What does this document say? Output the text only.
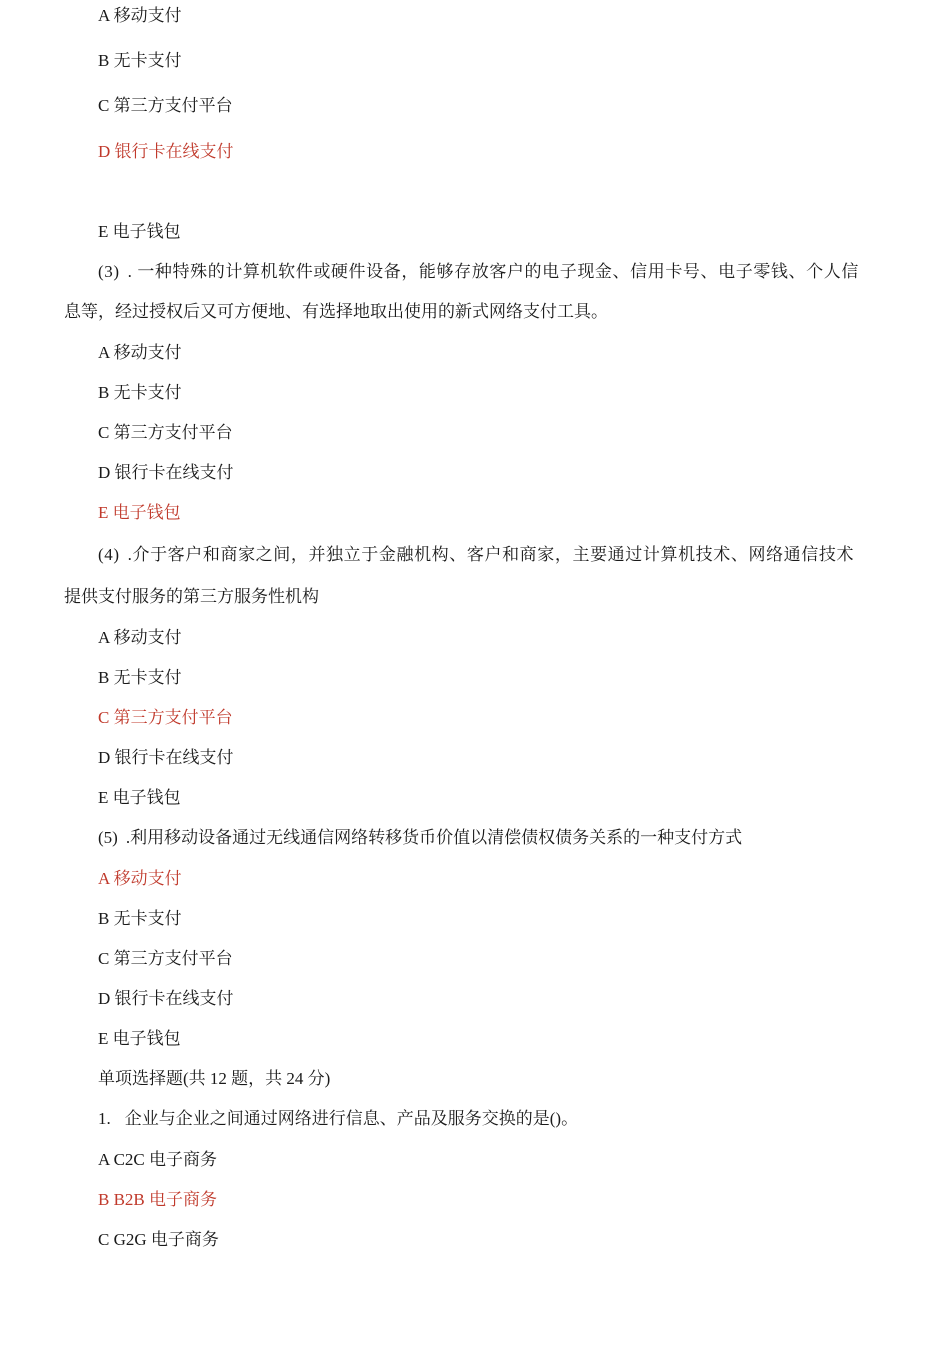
A 移动支付
B 无卡支付
C 第三方支付平台
D 银行卡在线支付
E 电子钱包
(3) . 一种特殊的计算机软件或硬件设备，能够存放客户的电子现金、信用卡号、电子零钱、个人信
息等，经过授权后又可方便地、有选择地取出使用的新式网络支付工具。
A 移动支付
B 无卡支付
C 第三方支付平台
D 银行卡在线支付
E 电子钱包
(4) .介于客户和商家之间，并独立于金融机构、客户和商家，主要通过计算机技术、网络通信技术
提供支付服务的第三方服务性机构
A 移动支付
B 无卡支付
C 第三方支付平台
D 银行卡在线支付
E 电子钱包
(5) .利用移动设备通过无线通信网络转移货币价值以清偿债权债务关系的一种支付方式
A 移动支付
B 无卡支付
C 第三方支付平台
D 银行卡在线支付
E 电子钱包
单项选择题(共 12 题，共 24 分)
1. 企业与企业之间通过网络进行信息、产品及服务交换的是()。
A C2C 电子商务
B B2B 电子商务
C G2G 电子商务
